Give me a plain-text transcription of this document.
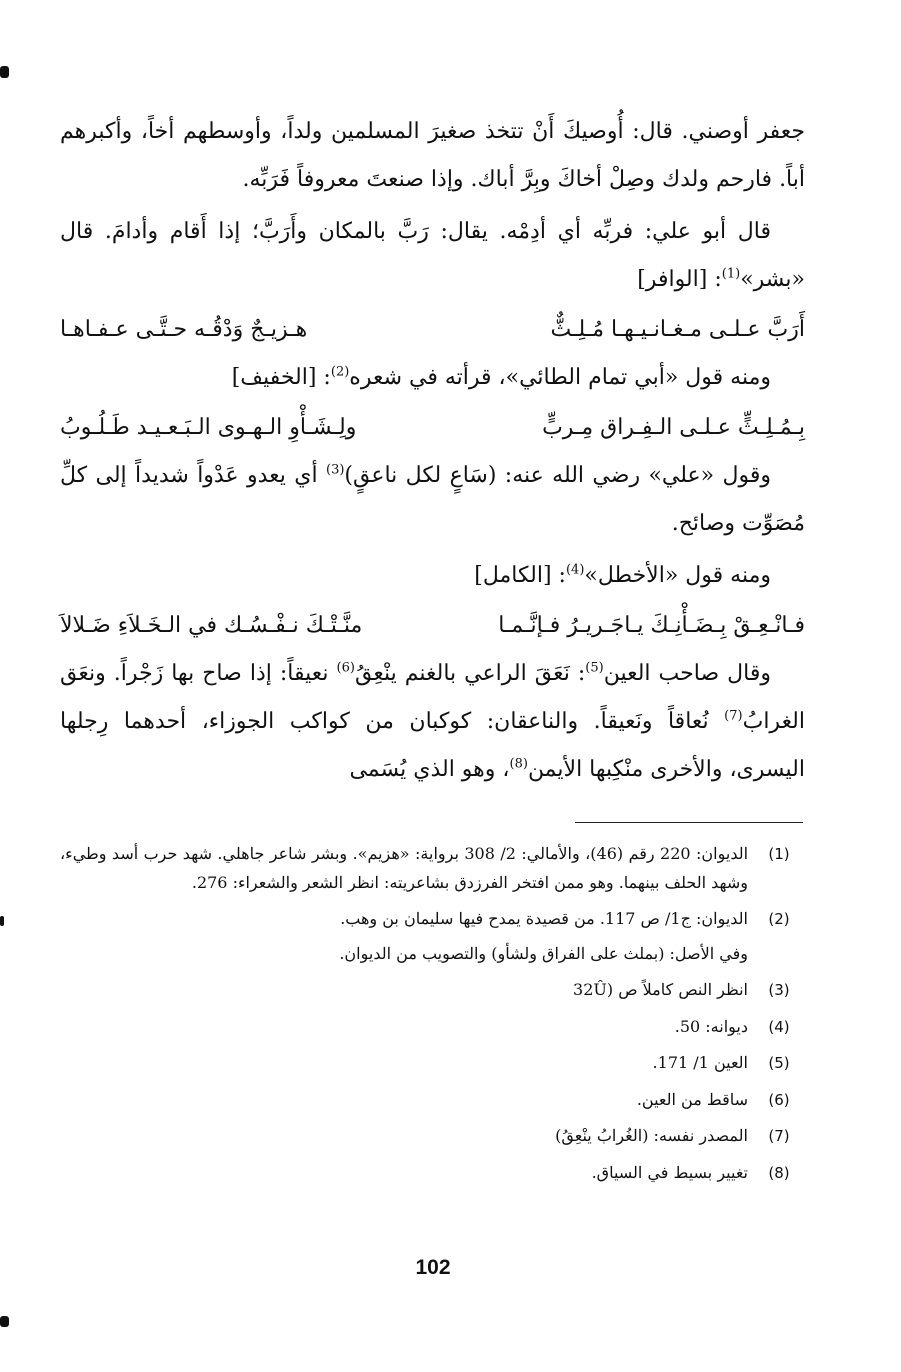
جعفر أوصني. قال: أُوصيكَ أَنْ تتخذ صغيرَ المسلمين ولداً، وأوسطهم أخاً، وأكبرهم أباً. فارحم ولدك وصِلْ أخاكَ وبِرَّ أباك. وإذا صنعتَ معروفاً فَرَبِّه.

قال أبو علي: فربِّه أي أدِمْه. يقال: رَبَّ بالمكان وأَرَبَّ؛ إذا أَقام وأدامَ. قال «بشر»$^{(1)}$: [الوافر]

أَرَبَّ عـلـى مـغـانـيـهـا مُـلِـثٌّ
هـزيـجٌ وَدْقُـه حـتَّـى عـفـاهـا

ومنه قول «أبي تمام الطائي»، قرأته في شعره$^{(2)}$: [الخفيف]

بِـمُـلِـثٍّ عـلـى الـفِـراق مِـربٍّ
ولِـشَـأْوِ الـهـوى الـبَـعـيـد طَـلُـوبُ

وقول «علي» رضي الله عنه: (سَاعٍ لكل ناعقٍ)$^{(3)}$ أي يعدو عَدْواً شديداً إلى كلِّ مُصَوِّت وصائح.

ومنه قول «الأخطل»$^{(4)}$: [الكامل]

فـانْـعِـقْ بِـضَـأْنِـكَ يـاجَـريـرُ فـإنَّـمـا
منَّـتْـكَ نـفْـسُـك في الـخَـلاَءِ ضَـلالاَ

وقال صاحب العين$^{(5)}$: نَعَقَ الراعي بالغنم ينْعِقُ$^{(6)}$ نعيقاً: إذا صاح بها زَجْراً. ونعَق الغرابُ$^{(7)}$ نُعاقاً ونَعيقاً. والناعقان: كوكبان من كواكب الجوزاء، أحدهما رِجلها اليسرى، والأخرى منْكِبها الأيمن$^{(8)}$، وهو الذي يُسَمى

(1)
الديوان: 220 رقم (46)، والأمالي: 2/ 308 برواية: «هزيم». وبشر شاعر جاهلي. شهد حرب أسد وطيء، وشهد الحلف بينهما. وهو ممن افتخر الفرزدق بشاعريته: انظر الشعر والشعراء: 276.
(2)
الديوان: ج1/ ص 117. من قصيدة يمدح فيها سليمان بن وهب.
وفي الأصل: (بملث على الفراق ولشأو) والتصويب من الديوان.
(3)
انظر النص كاملاً ص (32Û
(4)
ديوانه: 50.
(5)
العين 1/ 171.
(6)
ساقط من العين.
(7)
المصدر نفسه: (الغُرابُ ينْعِقُ)
(8)
تغيير بسيط في السياق.
102
